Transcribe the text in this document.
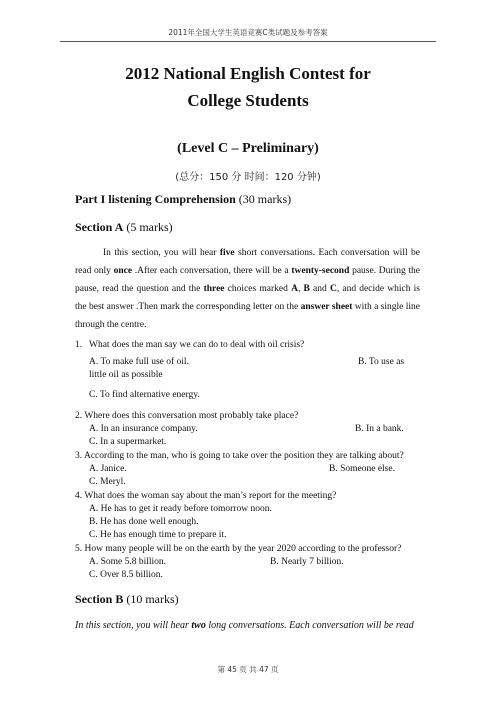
2011年全国大学生英语竞赛C类试题及参考答案
2012 National English Contest for
College Students
(Level C – Preliminary)
(总分：150 分 时间：120 分钟)
Part I listening Comprehension (30 marks)
Section A (5 marks)
In this section, you will hear five short conversations. Each conversation will be read only once .After each conversation, there will be a twenty-second pause. During the pause, read the question and the three choices marked A, B and C, and decide which is the best answer .Then mark the corresponding letter on the answer sheet with a single line through the centre.
1. What does the man say we can do to deal with oil crisis?
A. To make full use of oil.	B. To use as
little oil as possible
C. To find alternative energy.
2. Where does this conversation most probably take place?
A. In an insurance company.	B. In a bank.
C. In a supermarket.
3. According to the man, who is going to take over the position they are talking about?
A. Janice.	B. Someone else.
C. Meryl.
4. What does the woman say about the man’s report for the meeting?
A. He has to get it ready before tomorrow noon.
B. He has done well enough.
C. He has enough time to prepare it.
5. How many people will be on the earth by the year 2020 according to the professor?
A. Some 5.8 billion.	B. Nearly 7 billion.
C. Over 8.5 billion.
Section B (10 marks)
In this section, you will hear two long conversations. Each conversation will be read
第 45 页 共 47 页
